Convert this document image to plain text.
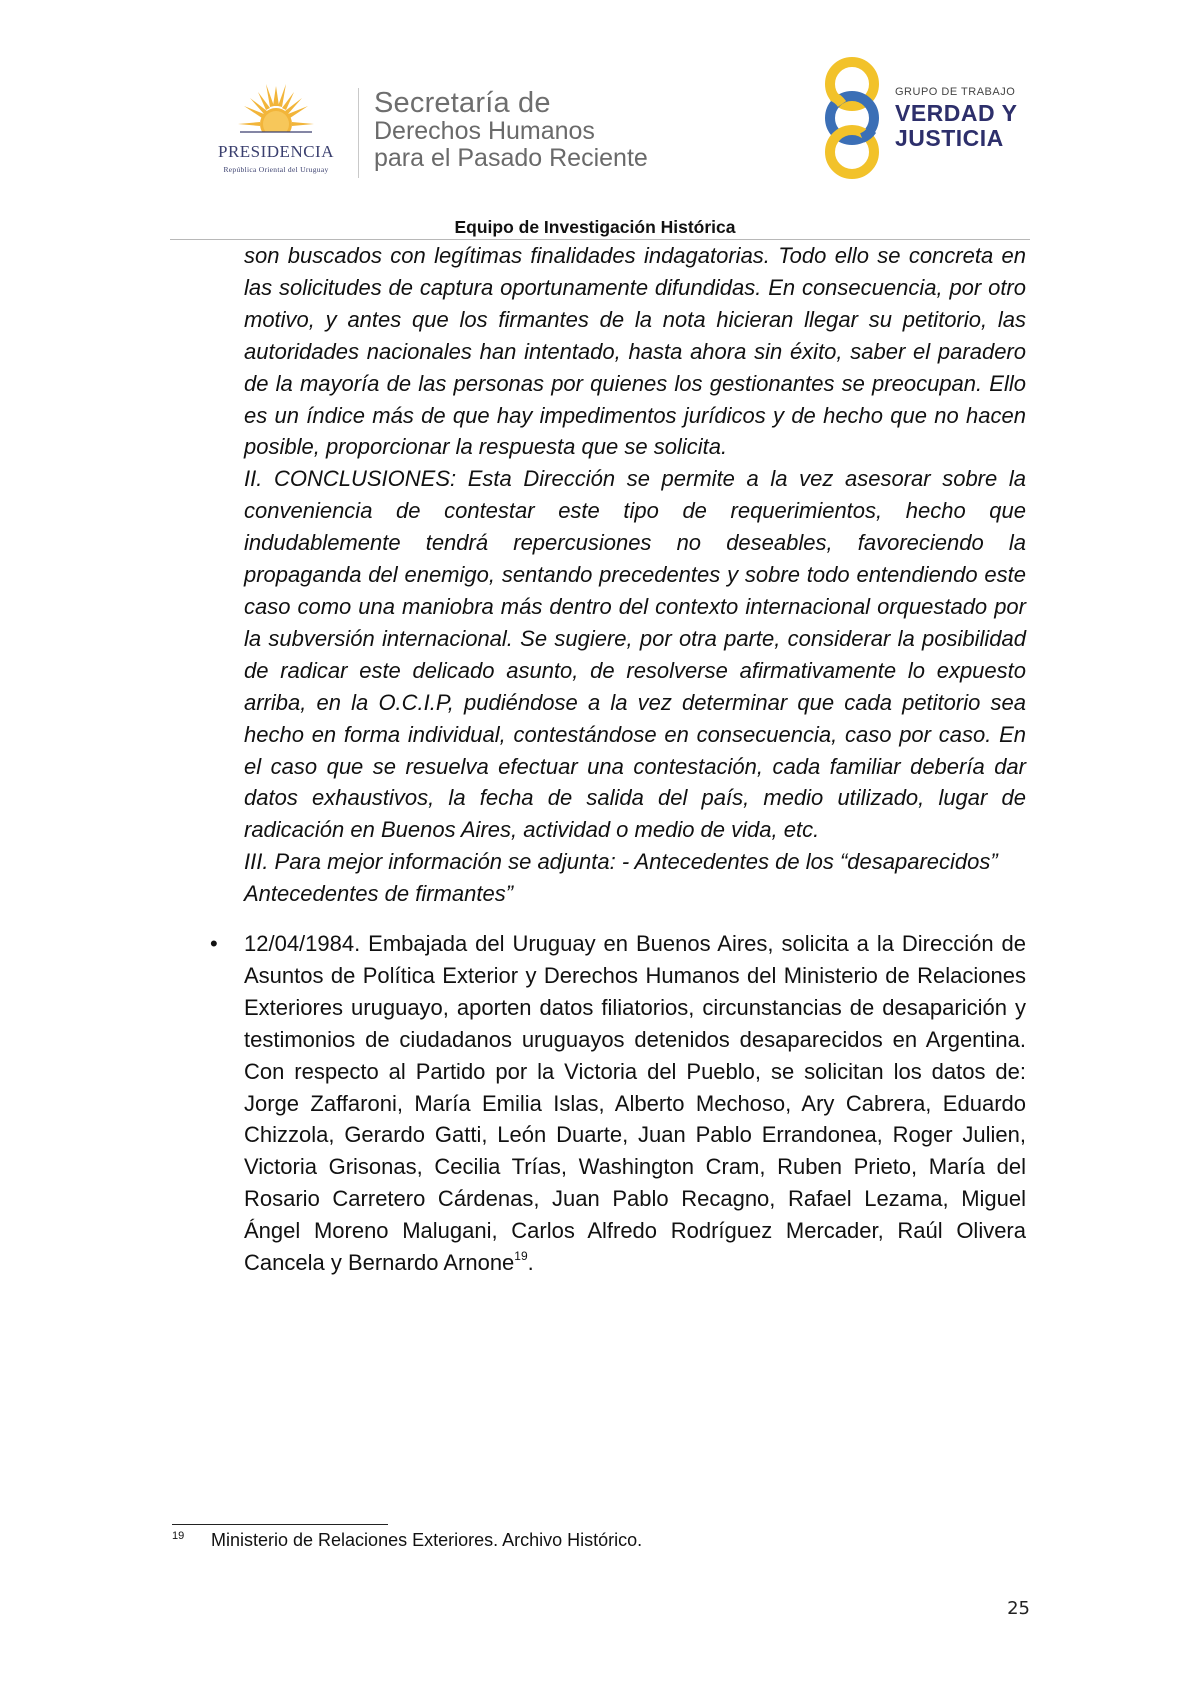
PRESIDENCIA
República Oriental del Uruguay
Secretaría de
Derechos Humanos
para el Pasado Reciente
GRUPO DE TRABAJO
VERDAD Y
JUSTICIA
Equipo de Investigación Histórica

son buscados con legítimas finalidades indagatorias. Todo ello se concreta en las solicitudes de captura oportunamente difundidas. En consecuencia, por otro motivo, y antes que los firmantes de la nota hicieran llegar su petitorio, las autoridades nacionales han intentado, hasta ahora sin éxito, saber el paradero de la mayoría de las personas por quienes los gestionantes se preocupan. Ello es un índice más de que hay impedimentos jurídicos y de hecho que no hacen posible, proporcionar la respuesta que se solicita.

II. CONCLUSIONES: Esta Dirección se permite a la vez asesorar sobre la conveniencia de contestar este tipo de requerimientos, hecho que indudablemente tendrá repercusiones no deseables, favoreciendo la propaganda del enemigo, sentando precedentes y sobre todo entendiendo este caso como una maniobra más dentro del contexto internacional orquestado por la subversión internacional. Se sugiere, por otra parte, considerar la posibilidad de radicar este delicado asunto, de resolverse afirmativamente lo expuesto arriba, en la O.C.I.P, pudiéndose a la vez determinar que cada petitorio sea hecho en forma individual, contestándose en consecuencia, caso por caso. En el caso que se resuelva efectuar una contestación, cada familiar debería dar datos exhaustivos, la fecha de salida del país, medio utilizado, lugar de radicación en Buenos Aires, actividad o medio de vida, etc.

III. Para mejor información se adjunta: - Antecedentes de los “desaparecidos”

Antecedentes de firmantes”

• 12/04/1984. Embajada del Uruguay en Buenos Aires, solicita a la Dirección de Asuntos de Política Exterior y Derechos Humanos del Ministerio de Relaciones Exteriores uruguayo, aporten datos filiatorios, circunstancias de desaparición y testimonios de ciudadanos uruguayos detenidos desaparecidos en Argentina. Con respecto al Partido por la Victoria del Pueblo, se solicitan los datos de: Jorge Zaffaroni, María Emilia Islas, Alberto Mechoso, Ary Cabrera, Eduardo Chizzola, Gerardo Gatti, León Duarte, Juan Pablo Errandonea, Roger Julien, Victoria Grisonas, Cecilia Trías, Washington Cram, Ruben Prieto, María del Rosario Carretero Cárdenas, Juan Pablo Recagno, Rafael Lezama, Miguel Ángel Moreno Malugani, Carlos Alfredo Rodríguez Mercader, Raúl Olivera Cancela y Bernardo Arnone$^{19}$.

19 Ministerio de Relaciones Exteriores. Archivo Histórico.
25
